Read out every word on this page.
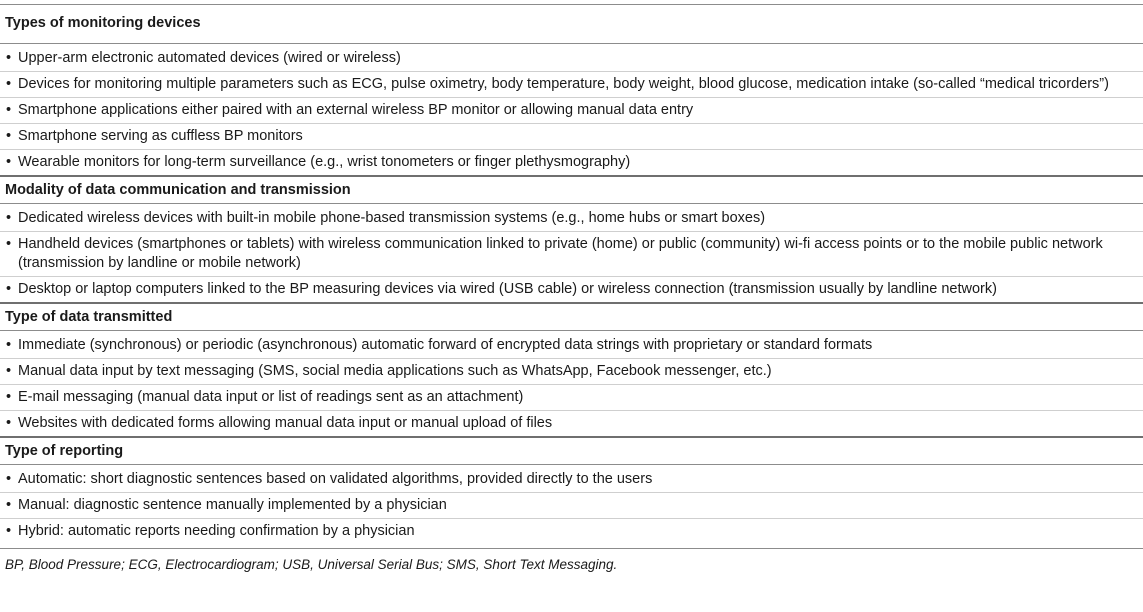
Types of monitoring devices
• Upper-arm electronic automated devices (wired or wireless)
• Devices for monitoring multiple parameters such as ECG, pulse oximetry, body temperature, body weight, blood glucose, medication intake (so-called “medical tricorders”)
• Smartphone applications either paired with an external wireless BP monitor or allowing manual data entry
• Smartphone serving as cuffless BP monitors
• Wearable monitors for long-term surveillance (e.g., wrist tonometers or finger plethysmography)
Modality of data communication and transmission
• Dedicated wireless devices with built-in mobile phone-based transmission systems (e.g., home hubs or smart boxes)
• Handheld devices (smartphones or tablets) with wireless communication linked to private (home) or public (community) wi-fi access points or to the mobile public network (transmission by landline or mobile network)
• Desktop or laptop computers linked to the BP measuring devices via wired (USB cable) or wireless connection (transmission usually by landline network)
Type of data transmitted
• Immediate (synchronous) or periodic (asynchronous) automatic forward of encrypted data strings with proprietary or standard formats
• Manual data input by text messaging (SMS, social media applications such as WhatsApp, Facebook messenger, etc.)
• E-mail messaging (manual data input or list of readings sent as an attachment)
• Websites with dedicated forms allowing manual data input or manual upload of files
Type of reporting
• Automatic: short diagnostic sentences based on validated algorithms, provided directly to the users
• Manual: diagnostic sentence manually implemented by a physician
• Hybrid: automatic reports needing confirmation by a physician
BP, Blood Pressure; ECG, Electrocardiogram; USB, Universal Serial Bus; SMS, Short Text Messaging.
